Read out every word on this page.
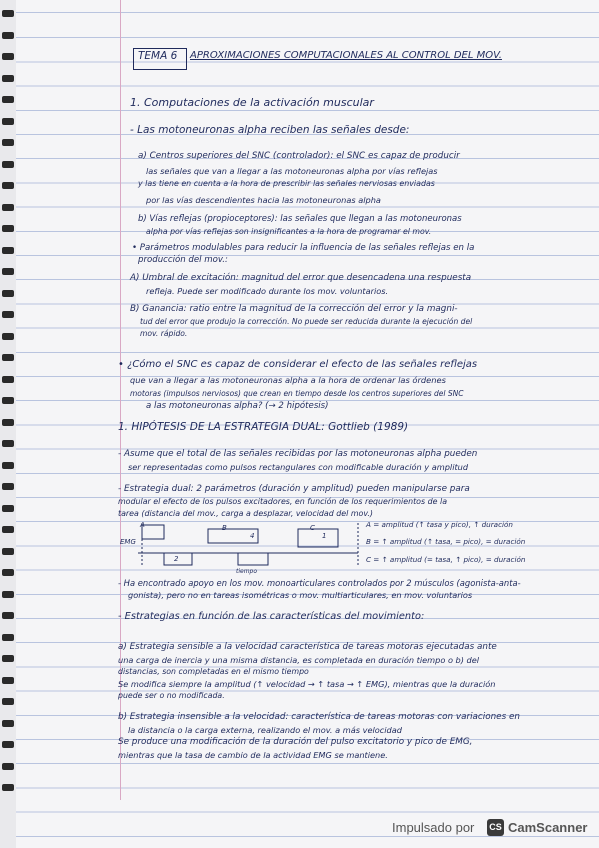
TEMA 6 APROXIMACIONES COMPUTACIONALES AL CONTROL DEL MOV.
1. Computaciones de la activación muscular
- Las motoneuronas alpha reciben las señales desde:
a) Centros superiores del SNC (controlador): el SNC es capaz de producir
las señales que van a llegar a las motoneuronas alpha por vías reflejas
y las tiene en cuenta a la hora de prescribir las señales nerviosas enviadas
por las vías descendientes hacia las motoneuronas alpha
b) Vías reflejas (propioceptores): las señales que llegan a las motoneuronas
alpha por vías reflejas son insignificantes a la hora de programar el mov.
• Parámetros modulables para reducir la influencia de las señales reflejas en la
producción del mov.:
A) Umbral de excitación: magnitud del error que desencadena una respuesta
refleja. Puede ser modificado durante los mov. voluntarios.
B) Ganancia: ratio entre la magnitud de la corrección del error y la magni-
tud del error que produjo la corrección. No puede ser reducida durante la ejecución del
mov. rápido.
• ¿Cómo el SNC es capaz de considerar el efecto de las señales reflejas
que van a llegar a las motoneuronas alpha a la hora de ordenar las órdenes
motoras (impulsos nerviosos) que crean en tiempo desde los centros superiores del SNC
a las motoneuronas alpha? (→ 2 hipótesis)
1. HIPÓTESIS DE LA ESTRATEGIA DUAL: Gottlieb (1989)
- Asume que el total de las señales recibidas por las motoneuronas alpha pueden
ser representadas como pulsos rectangulares con modificable duración y amplitud
- Estrategia dual: 2 parámetros (duración y amplitud) pueden manipularse para
modular el efecto de los pulsos excitadores, en función de los requerimientos de la
tarea (distancia del mov., carga a desplazar, velocidad del mov.)
A = amplitud (↑ tasa y pico), ↑ duración
B = ↑ amplitud (↑ tasa, = pico), = duración
C = ↑ amplitud (= tasa, ↑ pico), = duración
EMG
tiempo
- Ha encontrado apoyo en los mov. monoarticulares controlados por 2 músculos (agonista-anta-
gonista), pero no en tareas isométricas o mov. multiarticulares, en mov. voluntarios
- Estrategias en función de las características del movimiento:
a) Estrategia sensible a la velocidad característica de tareas motoras ejecutadas ante
una carga de inercia y una misma distancia, es completada en duración tiempo o b) del
distancias, son completadas en el mismo tiempo
Se modifica siempre la amplitud (↑ velocidad → ↑ tasa → ↑ EMG), mientras que la duración
puede ser o no modificada.
b) Estrategia insensible a la velocidad: característica de tareas motoras con variaciones en
la distancia o la carga externa, realizando el mov. a más velocidad
Se produce una modificación de la duración del pulso excitatorio y pico de EMG,
mientras que la tasa de cambio de la actividad EMG se mantiene.
A	B	C
2
4	1
Impulsado por CS CamScanner
